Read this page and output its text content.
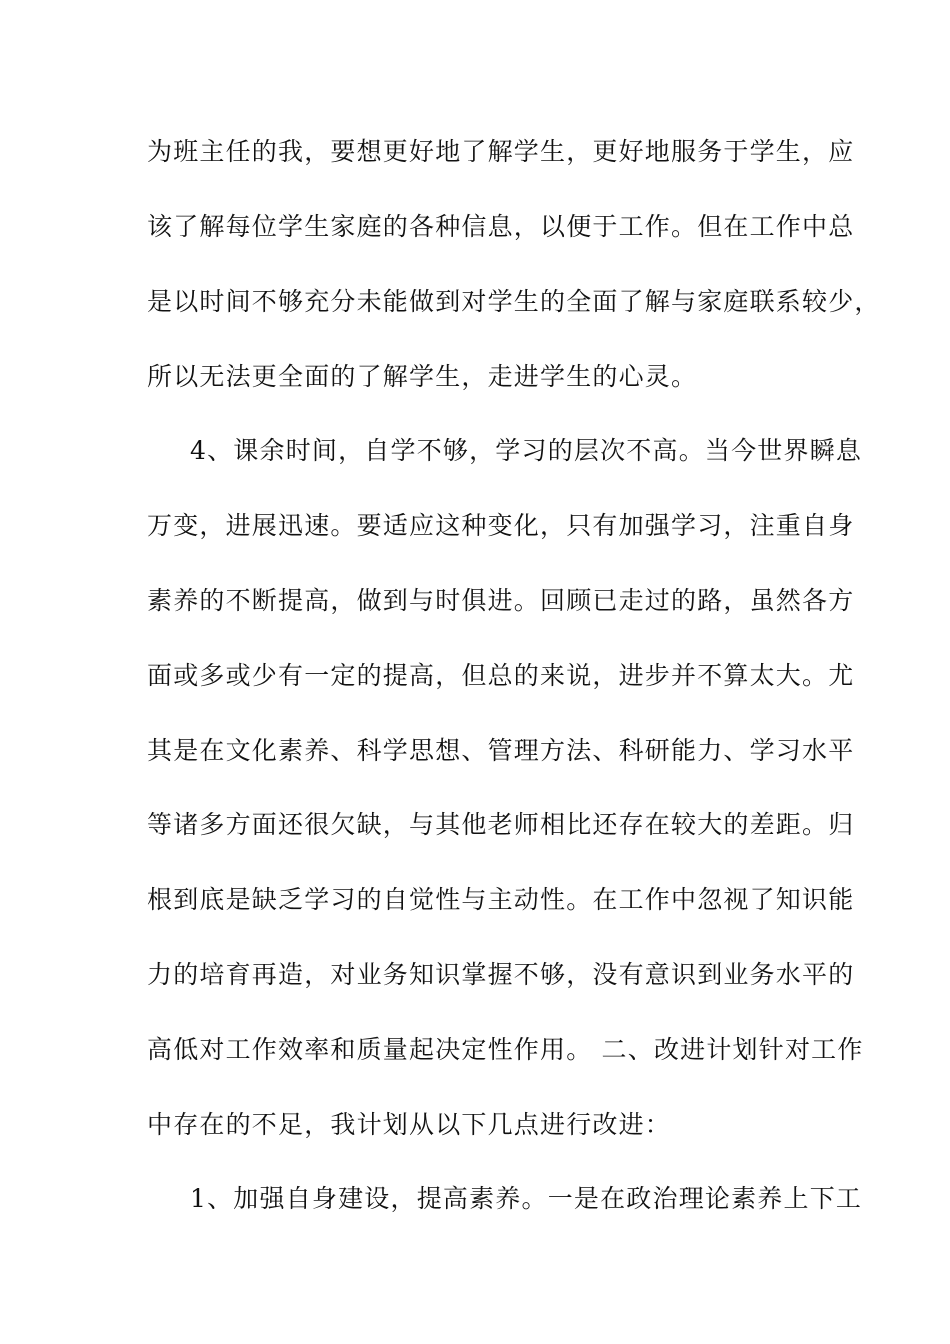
为班主任的我，要想更好地了解学生，更好地服务于学生，应
该了解每位学生家庭的各种信息，以便于工作。但在工作中总
是以时间不够充分未能做到对学生的全面了解与家庭联系较少，
所以无法更全面的了解学生，走进学生的心灵。
4、课余时间，自学不够，学习的层次不高。当今世界瞬息
万变，进展迅速。要适应这种变化，只有加强学习，注重自身
素养的不断提高，做到与时俱进。回顾已走过的路，虽然各方
面或多或少有一定的提高，但总的来说，进步并不算太大。尤
其是在文化素养、科学思想、管理方法、科研能力、学习水平
等诸多方面还很欠缺，与其他老师相比还存在较大的差距。归
根到底是缺乏学习的自觉性与主动性。在工作中忽视了知识能
力的培育再造，对业务知识掌握不够，没有意识到业务水平的
高低对工作效率和质量起决定性作用。 二、改进计划针对工作
中存在的不足，我计划从以下几点进行改进：
1、加强自身建设，提高素养。一是在政治理论素养上下工
